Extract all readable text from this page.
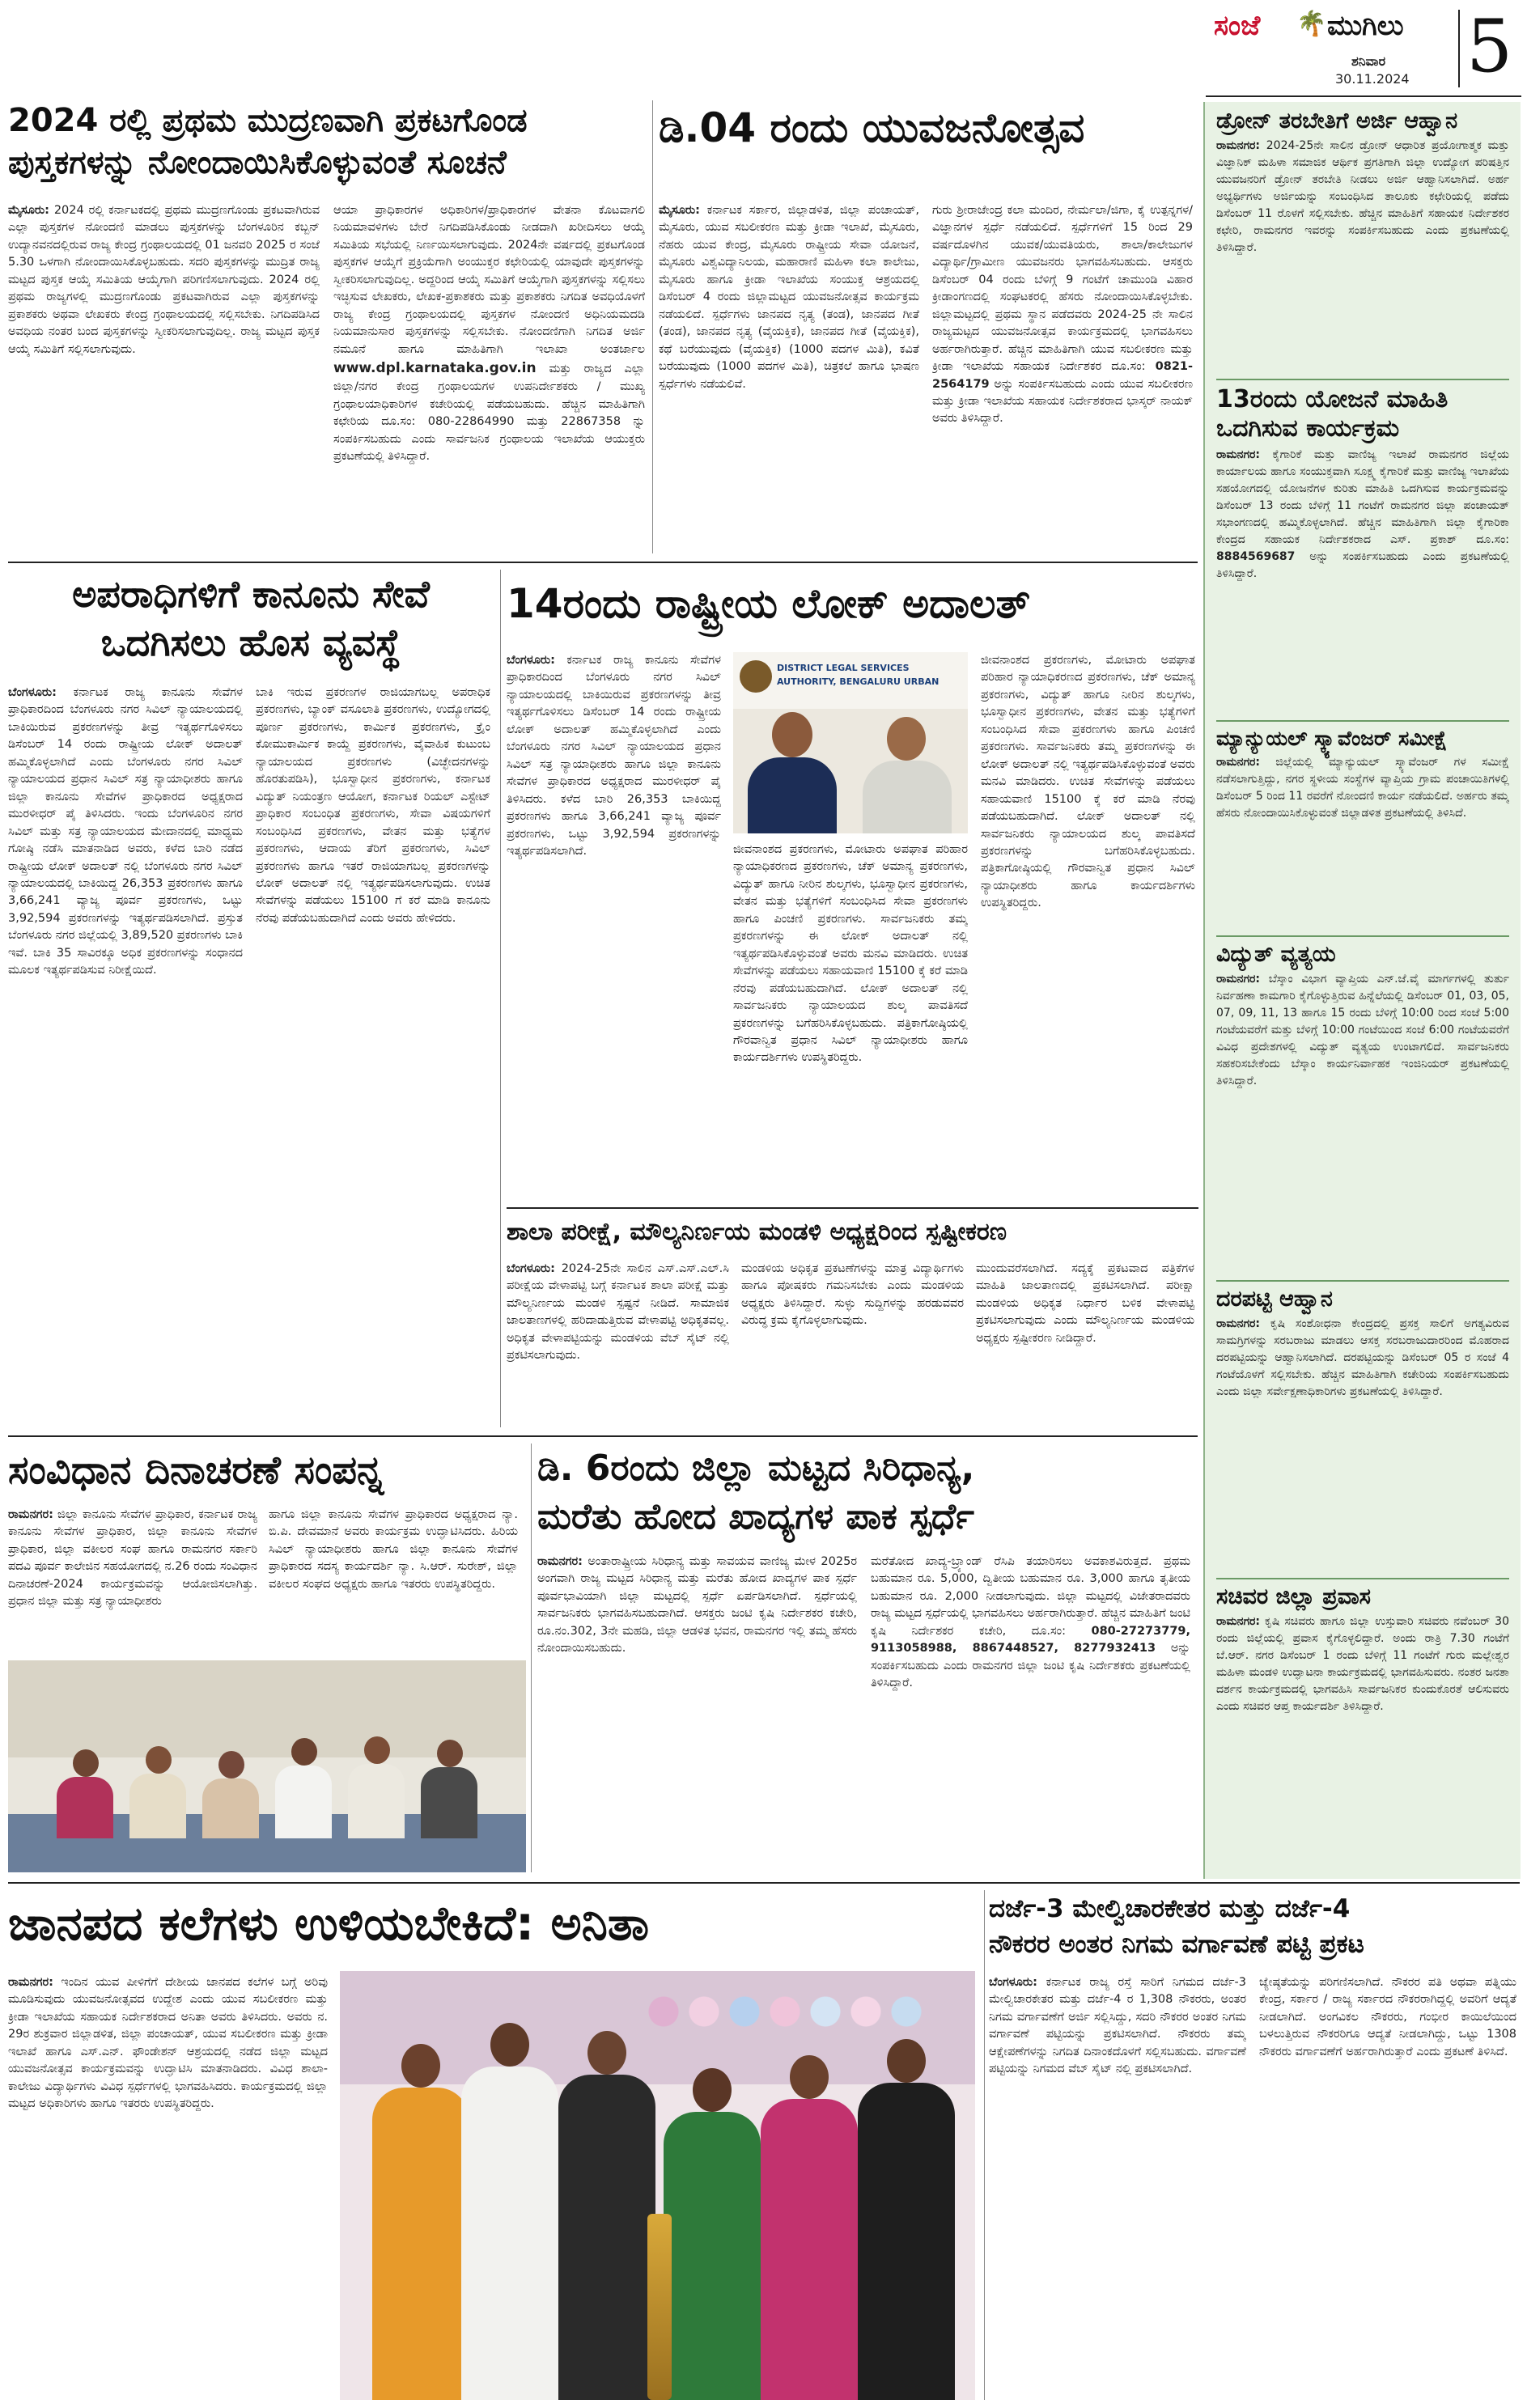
ಸಂಜೆ 🌴 ಮುಗಿಲು
ಶನಿವಾರ
30.11.2024 5
2024 ರಲ್ಲಿ ಪ್ರಥಮ ಮುದ್ರಣವಾಗಿ ಪ್ರಕಟಗೊಂಡ
ಪುಸ್ತಕಗಳನ್ನು ನೋಂದಾಯಿಸಿಕೊಳ್ಳುವಂತೆ ಸೂಚನೆ
ಮೈಸೂರು: 2024 ರಲ್ಲಿ ಕರ್ನಾಟಕದಲ್ಲಿ ಪ್ರಥಮ ಮುದ್ರಣಗೊಂಡು ಪ್ರಕಟವಾಗಿರುವ ಎಲ್ಲಾ ಪುಸ್ತಕಗಳ ನೋಂದಣಿ ಮಾಡಲು ಪುಸ್ತಕಗಳನ್ನು ಬೆಂಗಳೂರಿನ ಕಬ್ಬನ್ ಉದ್ಯಾನವನದಲ್ಲಿರುವ ರಾಜ್ಯ ಕೇಂದ್ರ ಗ್ರಂಥಾಲಯದಲ್ಲಿ 01 ಜನವರಿ 2025 ರ ಸಂಜೆ 5.30 ಒಳಗಾಗಿ ನೋಂದಾಯಿಸಿಕೊಳ್ಳಬಹುದು. ಸದರಿ ಪುಸ್ತಕಗಳನ್ನು ಮುದ್ರಿತ ರಾಜ್ಯ ಮಟ್ಟದ ಪುಸ್ತಕ ಆಯ್ಕೆ ಸಮಿತಿಯ ಆಯ್ಕೆಗಾಗಿ ಪರಿಗಣಿಸಲಾಗುವುದು. 2024 ರಲ್ಲಿ ಪ್ರಥಮ ರಾಜ್ಯಗಳಲ್ಲಿ ಮುದ್ರಣಗೊಂಡು ಪ್ರಕಟವಾಗಿರುವ ಎಲ್ಲಾ ಪುಸ್ತಕಗಳನ್ನು ಪ್ರಕಾಶಕರು ಅಥವಾ ಲೇಖಕರು ಕೇಂದ್ರ ಗ್ರಂಥಾಲಯದಲ್ಲಿ ಸಲ್ಲಿಸಬೇಕು. ನಿಗದಿಪಡಿಸಿದ ಅವಧಿಯ ನಂತರ ಬಂದ ಪುಸ್ತಕಗಳನ್ನು ಸ್ವೀಕರಿಸಲಾಗುವುದಿಲ್ಲ. ರಾಜ್ಯ ಮಟ್ಟದ ಪುಸ್ತಕ ಆಯ್ಕೆ ಸಮಿತಿಗೆ ಸಲ್ಲಿಸಲಾಗುವುದು.
ಆಯಾ ಪ್ರಾಧಿಕಾರಗಳ ಅಧಿಕಾರಿಗಳ/ಪ್ರಾಧಿಕಾರಗಳ ವೇತನಾ ಕೊಟವಾಗಲಿ ನಿಯಮಾವಳಿಗಳು ಬೇರೆ ನಿಗದಿಪಡಿಸಿಕೊಂಡು ನೀಡದಾಗಿ ಖರೀದಿಸಲು ಆಯ್ಕೆ ಸಮಿತಿಯ ಸಭೆಯಲ್ಲಿ ನಿರ್ಣಯಿಸಲಾಗುವುದು. 2024ನೇ ವರ್ಷದಲ್ಲಿ ಪ್ರಕಟಗೊಂಡ ಪುಸ್ತಕಗಳ ಆಯ್ಕೆಗೆ ಪ್ರಕ್ರಿಯೆಗಾಗಿ ಅಂಯುಕ್ತರ ಕಛೇರಿಯಲ್ಲಿ ಯಾವುದೇ ಪುಸ್ತಕಗಳನ್ನು ಸ್ವೀಕರಿಸಲಾಗುವುದಿಲ್ಲ. ಅದ್ದರಿಂದ ಆಯ್ಕೆ ಸಮಿತಿಗೆ ಆಯ್ಕೆಗಾಗಿ ಪುಸ್ತಕಗಳನ್ನು ಸಲ್ಲಿಸಲು ಇಚ್ಛಿಸುವ ಲೇಖಕರು, ಲೇಖಕ-ಪ್ರಕಾಶಕರು ಮತ್ತು ಪ್ರಕಾಶಕರು ನಿಗದಿತ ಅವಧಿಯೊಳಗೆ ರಾಜ್ಯ ಕೇಂದ್ರ ಗ್ರಂಥಾಲಯದಲ್ಲಿ ಪುಸ್ತಕಗಳ ನೋಂದಣಿ ಅಧಿನಿಯಮದಡಿ ನಿಯಮಾನುಸಾರ ಪುಸ್ತಕಗಳನ್ನು ಸಲ್ಲಿಸಬೇಕು. ನೋಂದಣಿಗಾಗಿ ನಿಗದಿತ ಅರ್ಜಿ ನಮೂನೆ ಹಾಗೂ ಮಾಹಿತಿಗಾಗಿ ಇಲಾಖಾ ಅಂತರ್ಜಾಲ www.dpl.karnataka.gov.in ಮತ್ತು ರಾಜ್ಯದ ಎಲ್ಲಾ ಜಿಲ್ಲಾ/ನಗರ ಕೇಂದ್ರ ಗ್ರಂಥಾಲಯಗಳ ಉಪನಿರ್ದೇಶಕರು / ಮುಖ್ಯ ಗ್ರಂಥಾಲಯಾಧಿಕಾರಿಗಳ ಕಚೇರಿಯಲ್ಲಿ ಪಡೆಯಬಹುದು. ಹೆಚ್ಚಿನ ಮಾಹಿತಿಗಾಗಿ ಕಛೇರಿಯ ದೂ.ಸಂ: 080-22864990 ಮತ್ತು 22867358 ನ್ನು ಸಂಪರ್ಕಿಸಬಹುದು ಎಂದು ಸಾರ್ವಜನಿಕ ಗ್ರಂಥಾಲಯ ಇಲಾಖೆಯ ಆಯುಕ್ತರು ಪ್ರಕಟಣೆಯಲ್ಲಿ ತಿಳಿಸಿದ್ದಾರೆ.
ಡಿ.04 ರಂದು ಯುವಜನೋತ್ಸವ
ಮೈಸೂರು: ಕರ್ನಾಟಕ ಸರ್ಕಾರ, ಜಿಲ್ಲಾಡಳಿತ, ಜಿಲ್ಲಾ ಪಂಚಾಯತ್, ಮೈಸೂರು, ಯುವ ಸಬಲೀಕರಣ ಮತ್ತು ಕ್ರೀಡಾ ಇಲಾಖೆ, ಮೈಸೂರು, ನೆಹರು ಯುವ ಕೇಂದ್ರ, ಮೈಸೂರು ರಾಷ್ಟ್ರೀಯ ಸೇವಾ ಯೋಜನೆ, ಮೈಸೂರು ವಿಶ್ವವಿದ್ಯಾನಿಲಯ, ಮಹಾರಾಣಿ ಮಹಿಳಾ ಕಲಾ ಕಾಲೇಜು, ಮೈಸೂರು ಹಾಗೂ ಕ್ರೀಡಾ ಇಲಾಖೆಯ ಸಂಯುಕ್ತ ಆಶ್ರಯದಲ್ಲಿ ಡಿಸೆಂಬರ್ 4 ರಂದು ಜಿಲ್ಲಾಮಟ್ಟದ ಯುವಜನೋತ್ಸವ ಕಾರ್ಯಕ್ರಮ ನಡೆಯಲಿದೆ. ಸ್ಪರ್ಧೆಗಳು ಜಾನಪದ ನೃತ್ಯ (ತಂಡ), ಜಾನಪದ ಗೀತೆ (ತಂಡ), ಜಾನಪದ ನೃತ್ಯ (ವೈಯಕ್ತಿಕ), ಜಾನಪದ ಗೀತೆ (ವೈಯಕ್ತಿಕ), ಕಥೆ ಬರೆಯುವುದು (ವೈಯಕ್ತಿಕ) (1000 ಪದಗಳ ಮಿತಿ), ಕವಿತೆ ಬರೆಯುವುದು (1000 ಪದಗಳ ಮಿತಿ), ಚಿತ್ರಕಲೆ ಹಾಗೂ ಭಾಷಣ ಸ್ಪರ್ಧೆಗಳು ನಡೆಯಲಿವೆ.
ಗುರು ಶ್ರೀರಾಜೇಂದ್ರ ಕಲಾ ಮಂದಿರ, ನೇರ್ಮಲಾ/ಜಿಗಾ, ಕೈ ಉತ್ಪನ್ನಗಳ/ವಿಜ್ಞಾನಗಳ ಸ್ಪರ್ಧೆ ನಡೆಯಲಿದೆ. ಸ್ಪರ್ಧೆಗಳಿಗೆ 15 ರಿಂದ 29 ವರ್ಷದೊಳಗಿನ ಯುವಕ/ಯುವತಿಯರು, ಶಾಲಾ/ಕಾಲೇಜುಗಳ ವಿದ್ಯಾರ್ಥಿ/ಗ್ರಾಮೀಣ ಯುವಜನರು ಭಾಗವಹಿಸಬಹುದು. ಆಸಕ್ತರು ಡಿಸೆಂಬರ್ 04 ರಂದು ಬೆಳಿಗ್ಗೆ 9 ಗಂಟೆಗೆ ಚಾಮುಂಡಿ ವಿಹಾರ ಕ್ರೀಡಾಂಗಣದಲ್ಲಿ ಸಂಘಟಕರಲ್ಲಿ ಹೆಸರು ನೋಂದಾಯಿಸಿಕೊಳ್ಳಬೇಕು. ಜಿಲ್ಲಾಮಟ್ಟದಲ್ಲಿ ಪ್ರಥಮ ಸ್ಥಾನ ಪಡೆದವರು 2024-25 ನೇ ಸಾಲಿನ ರಾಜ್ಯಮಟ್ಟದ ಯುವಜನೋತ್ಸವ ಕಾರ್ಯಕ್ರಮದಲ್ಲಿ ಭಾಗವಹಿಸಲು ಅರ್ಹರಾಗಿರುತ್ತಾರೆ. ಹೆಚ್ಚಿನ ಮಾಹಿತಿಗಾಗಿ ಯುವ ಸಬಲೀಕರಣ ಮತ್ತು ಕ್ರೀಡಾ ಇಲಾಖೆಯ ಸಹಾಯಕ ನಿರ್ದೇಶಕರ ದೂ.ಸಂ: 0821-2564179 ಅನ್ನು ಸಂಪರ್ಕಿಸಬಹುದು ಎಂದು ಯುವ ಸಬಲೀಕರಣ ಮತ್ತು ಕ್ರೀಡಾ ಇಲಾಖೆಯ ಸಹಾಯಕ ನಿರ್ದೇಶಕರಾದ ಭಾಸ್ಕರ್ ನಾಯಕ್ ಅವರು ತಿಳಿಸಿದ್ದಾರೆ.
ಅಪರಾಧಿಗಳಿಗೆ ಕಾನೂನು ಸೇವೆ
ಒದಗಿಸಲು ಹೊಸ ವ್ಯವಸ್ಥೆ
ಬೆಂಗಳೂರು: ಕರ್ನಾಟಕ ರಾಜ್ಯ ಕಾನೂನು ಸೇವೆಗಳ ಪ್ರಾಧಿಕಾರದಿಂದ ಬೆಂಗಳೂರು ನಗರ ಸಿವಿಲ್ ನ್ಯಾಯಾಲಯದಲ್ಲಿ ಬಾಕಿಯಿರುವ ಪ್ರಕರಣಗಳನ್ನು ತೀವ್ರ ಇತ್ಯರ್ಥಗೊಳಿಸಲು ಡಿಸೆಂಬರ್ 14 ರಂದು ರಾಷ್ಟ್ರೀಯ ಲೋಕ್ ಅದಾಲತ್ ಹಮ್ಮಿಕೊಳ್ಳಲಾಗಿದೆ ಎಂದು ಬೆಂಗಳೂರು ನಗರ ಸಿವಿಲ್ ನ್ಯಾಯಾಲಯದ ಪ್ರಧಾನ ಸಿವಿಲ್ ಸತ್ರ ನ್ಯಾಯಾಧೀಶರು ಹಾಗೂ ಜಿಲ್ಲಾ ಕಾನೂನು ಸೇವೆಗಳ ಪ್ರಾಧಿಕಾರದ ಅಧ್ಯಕ್ಷರಾದ ಮುರಳೀಧರ್ ಪೈ ತಿಳಿಸಿದರು. ಇಂದು ಬೆಂಗಳೂರಿನ ನಗರ ಸಿವಿಲ್ ಮತ್ತು ಸತ್ರ ನ್ಯಾಯಾಲಯದ ಮೇದಾನದಲ್ಲಿ ಮಾಧ್ಯಮ ಗೋಷ್ಠಿ ನಡೆಸಿ ಮಾತನಾಡಿದ ಅವರು, ಕಳೆದ ಬಾರಿ ನಡೆದ ರಾಷ್ಟ್ರೀಯ ಲೋಕ್ ಅದಾಲತ್ ನಲ್ಲಿ ಬೆಂಗಳೂರು ನಗರ ಸಿವಿಲ್ ನ್ಯಾಯಾಲಯದಲ್ಲಿ ಬಾಕಿಯಿದ್ದ 26,353 ಪ್ರಕರಣಗಳು ಹಾಗೂ 3,66,241 ವ್ಯಾಜ್ಯ ಪೂರ್ವ ಪ್ರಕರಣಗಳು, ಒಟ್ಟು 3,92,594 ಪ್ರಕರಣಗಳನ್ನು ಇತ್ಯರ್ಥಪಡಿಸಲಾಗಿದೆ. ಪ್ರಸ್ತುತ ಬೆಂಗಳೂರು ನಗರ ಜಿಲ್ಲೆಯಲ್ಲಿ 3,89,520 ಪ್ರಕರಣಗಳು ಬಾಕಿ ಇವೆ. ಬಾಕಿ 35 ಸಾವಿರಕ್ಕೂ ಅಧಿಕ ಪ್ರಕರಣಗಳನ್ನು ಸಂಧಾನದ ಮೂಲಕ ಇತ್ಯರ್ಥಪಡಿಸುವ ನಿರೀಕ್ಷೆಯಿದೆ.
ಬಾಕಿ ಇರುವ ಪ್ರಕರಣಗಳ ರಾಜಿಯಾಗಬಲ್ಲ ಅಪರಾಧಿಕ ಪ್ರಕರಣಗಳು, ಬ್ಯಾಂಕ್ ವಸೂಲಾತಿ ಪ್ರಕರಣಗಳು, ಉದ್ಯೋಗದಲ್ಲಿ ಪೂರ್ಣ ಪ್ರಕರಣಗಳು, ಕಾರ್ಮಿಕ ಪ್ರಕರಣಗಳು, ಕ್ರೈಂ ಕೋಮುಕಾರ್ಮಿಕ ಕಾಯ್ದೆ ಪ್ರಕರಣಗಳು, ವೈವಾಹಿಕ ಕುಟುಂಬ ನ್ಯಾಯಾಲಯದ ಪ್ರಕರಣಗಳು (ವಿಚ್ಛೇದನಗಳನ್ನು ಹೊರತುಪಡಿಸಿ), ಭೂಸ್ವಾಧೀನ ಪ್ರಕರಣಗಳು, ಕರ್ನಾಟಕ ವಿದ್ಯುತ್ ನಿಯಂತ್ರಣ ಆಯೋಗ, ಕರ್ನಾಟಕ ರಿಯಲ್ ಎಸ್ಟೇಟ್ ಪ್ರಾಧಿಕಾರ ಸಂಬಂಧಿತ ಪ್ರಕರಣಗಳು, ಸೇವಾ ವಿಷಯಗಳಿಗೆ ಸಂಬಂಧಿಸಿದ ಪ್ರಕರಣಗಳು, ವೇತನ ಮತ್ತು ಭತ್ಯೆಗಳ ಪ್ರಕರಣಗಳು, ಆದಾಯ ತೆರಿಗೆ ಪ್ರಕರಣಗಳು, ಸಿವಿಲ್ ಪ್ರಕರಣಗಳು ಹಾಗೂ ಇತರೆ ರಾಜಿಯಾಗಬಲ್ಲ ಪ್ರಕರಣಗಳನ್ನು ಲೋಕ್ ಅದಾಲತ್ ನಲ್ಲಿ ಇತ್ಯರ್ಥಪಡಿಸಲಾಗುವುದು. ಉಚಿತ ಸೇವೆಗಳನ್ನು ಪಡೆಯಲು 15100 ಗೆ ಕರೆ ಮಾಡಿ ಕಾನೂನು ನೆರವು ಪಡೆಯಬಹುದಾಗಿದೆ ಎಂದು ಅವರು ಹೇಳಿದರು.
14ರಂದು ರಾಷ್ಟ್ರೀಯ ಲೋಕ್ ಅದಾಲತ್
ಬೆಂಗಳೂರು: ಕರ್ನಾಟಕ ರಾಜ್ಯ ಕಾನೂನು ಸೇವೆಗಳ ಪ್ರಾಧಿಕಾರದಿಂದ ಬೆಂಗಳೂರು ನಗರ ಸಿವಿಲ್ ನ್ಯಾಯಾಲಯದಲ್ಲಿ ಬಾಕಿಯಿರುವ ಪ್ರಕರಣಗಳನ್ನು ತೀವ್ರ ಇತ್ಯರ್ಥಗೊಳಿಸಲು ಡಿಸೆಂಬರ್ 14 ರಂದು ರಾಷ್ಟ್ರೀಯ ಲೋಕ್ ಅದಾಲತ್ ಹಮ್ಮಿಕೊಳ್ಳಲಾಗಿದೆ ಎಂದು ಬೆಂಗಳೂರು ನಗರ ಸಿವಿಲ್ ನ್ಯಾಯಾಲಯದ ಪ್ರಧಾನ ಸಿವಿಲ್ ಸತ್ರ ನ್ಯಾಯಾಧೀಶರು ಹಾಗೂ ಜಿಲ್ಲಾ ಕಾನೂನು ಸೇವೆಗಳ ಪ್ರಾಧಿಕಾರದ ಅಧ್ಯಕ್ಷರಾದ ಮುರಳೀಧರ್ ಪೈ ತಿಳಿಸಿದರು. ಕಳೆದ ಬಾರಿ 26,353 ಬಾಕಿಯಿದ್ದ ಪ್ರಕರಣಗಳು ಹಾಗೂ 3,66,241 ವ್ಯಾಜ್ಯ ಪೂರ್ವ ಪ್ರಕರಣಗಳು, ಒಟ್ಟು 3,92,594 ಪ್ರಕರಣಗಳನ್ನು ಇತ್ಯರ್ಥಪಡಿಸಲಾಗಿದೆ.
DISTRICT LEGAL SERVICES AUTHORITY, BENGALURU URBAN
ಜೀವನಾಂಶದ ಪ್ರಕರಣಗಳು, ಮೋಟಾರು ಅಪಘಾತ ಪರಿಹಾರ ನ್ಯಾಯಾಧಿಕರಣದ ಪ್ರಕರಣಗಳು, ಚೆಕ್ ಅಮಾನ್ಯ ಪ್ರಕರಣಗಳು, ವಿದ್ಯುತ್ ಹಾಗೂ ನೀರಿನ ಶುಲ್ಕಗಳು, ಭೂಸ್ವಾಧೀನ ಪ್ರಕರಣಗಳು, ವೇತನ ಮತ್ತು ಭತ್ಯೆಗಳಿಗೆ ಸಂಬಂಧಿಸಿದ ಸೇವಾ ಪ್ರಕರಣಗಳು ಹಾಗೂ ಪಿಂಚಣಿ ಪ್ರಕರಣಗಳು. ಸಾರ್ವಜನಿಕರು ತಮ್ಮ ಪ್ರಕರಣಗಳನ್ನು ಈ ಲೋಕ್ ಅದಾಲತ್ ನಲ್ಲಿ ಇತ್ಯರ್ಥಪಡಿಸಿಕೊಳ್ಳುವಂತೆ ಅವರು ಮನವಿ ಮಾಡಿದರು. ಉಚಿತ ಸೇವೆಗಳನ್ನು ಪಡೆಯಲು ಸಹಾಯವಾಣಿ 15100 ಕ್ಕೆ ಕರೆ ಮಾಡಿ ನೆರವು ಪಡೆಯಬಹುದಾಗಿದೆ. ಲೋಕ್ ಅದಾಲತ್ ನಲ್ಲಿ ಸಾರ್ವಜನಿಕರು ನ್ಯಾಯಾಲಯದ ಶುಲ್ಕ ಪಾವತಿಸದೆ ಪ್ರಕರಣಗಳನ್ನು ಬಗೆಹರಿಸಿಕೊಳ್ಳಬಹುದು. ಪತ್ರಿಕಾಗೋಷ್ಠಿಯಲ್ಲಿ ಗೌರವಾನ್ವಿತ ಪ್ರಧಾನ ಸಿವಿಲ್ ನ್ಯಾಯಾಧೀಶರು ಹಾಗೂ ಕಾರ್ಯದರ್ಶಿಗಳು ಉಪಸ್ಥಿತರಿದ್ದರು.
ಜೀವನಾಂಶದ ಪ್ರಕರಣಗಳು, ಮೋಟಾರು ಅಪಘಾತ ಪರಿಹಾರ ನ್ಯಾಯಾಧಿಕರಣದ ಪ್ರಕರಣಗಳು, ಚೆಕ್ ಅಮಾನ್ಯ ಪ್ರಕರಣಗಳು, ವಿದ್ಯುತ್ ಹಾಗೂ ನೀರಿನ ಶುಲ್ಕಗಳು, ಭೂಸ್ವಾಧೀನ ಪ್ರಕರಣಗಳು, ವೇತನ ಮತ್ತು ಭತ್ಯೆಗಳಿಗೆ ಸಂಬಂಧಿಸಿದ ಸೇವಾ ಪ್ರಕರಣಗಳು ಹಾಗೂ ಪಿಂಚಣಿ ಪ್ರಕರಣಗಳು. ಸಾರ್ವಜನಿಕರು ತಮ್ಮ ಪ್ರಕರಣಗಳನ್ನು ಈ ಲೋಕ್ ಅದಾಲತ್ ನಲ್ಲಿ ಇತ್ಯರ್ಥಪಡಿಸಿಕೊಳ್ಳುವಂತೆ ಅವರು ಮನವಿ ಮಾಡಿದರು. ಉಚಿತ ಸೇವೆಗಳನ್ನು ಪಡೆಯಲು ಸಹಾಯವಾಣಿ 15100 ಕ್ಕೆ ಕರೆ ಮಾಡಿ ನೆರವು ಪಡೆಯಬಹುದಾಗಿದೆ. ಲೋಕ್ ಅದಾಲತ್ ನಲ್ಲಿ ಸಾರ್ವಜನಿಕರು ನ್ಯಾಯಾಲಯದ ಶುಲ್ಕ ಪಾವತಿಸದೆ ಪ್ರಕರಣಗಳನ್ನು ಬಗೆಹರಿಸಿಕೊಳ್ಳಬಹುದು. ಪತ್ರಿಕಾಗೋಷ್ಠಿಯಲ್ಲಿ ಗೌರವಾನ್ವಿತ ಪ್ರಧಾನ ಸಿವಿಲ್ ನ್ಯಾಯಾಧೀಶರು ಹಾಗೂ ಕಾರ್ಯದರ್ಶಿಗಳು ಉಪಸ್ಥಿತರಿದ್ದರು.
ಶಾಲಾ ಪರೀಕ್ಷೆ, ಮೌಲ್ಯನಿರ್ಣಯ ಮಂಡಳಿ ಅಧ್ಯಕ್ಷರಿಂದ ಸ್ಪಷ್ಟೀಕರಣ
ಬೆಂಗಳೂರು: 2024-25ನೇ ಸಾಲಿನ ಎಸ್.ಎಸ್.ಎಲ್.ಸಿ ಪರೀಕ್ಷೆಯ ವೇಳಾಪಟ್ಟಿ ಬಗ್ಗೆ ಕರ್ನಾಟಕ ಶಾಲಾ ಪರೀಕ್ಷೆ ಮತ್ತು ಮೌಲ್ಯನಿರ್ಣಯ ಮಂಡಳಿ ಸ್ಪಷ್ಟನೆ ನೀಡಿದೆ. ಸಾಮಾಜಿಕ ಜಾಲತಾಣಗಳಲ್ಲಿ ಹರಿದಾಡುತ್ತಿರುವ ವೇಳಾಪಟ್ಟಿ ಅಧಿಕೃತವಲ್ಲ. ಅಧಿಕೃತ ವೇಳಾಪಟ್ಟಿಯನ್ನು ಮಂಡಳಿಯ ವೆಬ್ ಸೈಟ್ ನಲ್ಲಿ ಪ್ರಕಟಿಸಲಾಗುವುದು.
ಮಂಡಳಿಯ ಅಧಿಕೃತ ಪ್ರಕಟಣೆಗಳನ್ನು ಮಾತ್ರ ವಿದ್ಯಾರ್ಥಿಗಳು ಹಾಗೂ ಪೋಷಕರು ಗಮನಿಸಬೇಕು ಎಂದು ಮಂಡಳಿಯ ಅಧ್ಯಕ್ಷರು ತಿಳಿಸಿದ್ದಾರೆ. ಸುಳ್ಳು ಸುದ್ದಿಗಳನ್ನು ಹರಡುವವರ ವಿರುದ್ಧ ಕ್ರಮ ಕೈಗೊಳ್ಳಲಾಗುವುದು.
ಮುಂದುವರೆಸಲಾಗಿದೆ. ಸದ್ಯಕ್ಕೆ ಪ್ರಕಟವಾದ ಪತ್ರಿಕೆಗಳ ಮಾಹಿತಿ ಜಾಲತಾಣದಲ್ಲಿ ಪ್ರಕಟಿಸಲಾಗಿದೆ. ಪರೀಕ್ಷಾ ಮಂಡಳಿಯ ಅಧಿಕೃತ ನಿರ್ಧಾರ ಬಳಿಕ ವೇಳಾಪಟ್ಟಿ ಪ್ರಕಟಿಸಲಾಗುವುದು ಎಂದು ಮೌಲ್ಯನಿರ್ಣಯ ಮಂಡಳಿಯ ಅಧ್ಯಕ್ಷರು ಸ್ಪಷ್ಟೀಕರಣ ನೀಡಿದ್ದಾರೆ.
ಸಂವಿಧಾನ ದಿನಾಚರಣೆ ಸಂಪನ್ನ
ರಾಮನಗರ: ಜಿಲ್ಲಾ ಕಾನೂನು ಸೇವೆಗಳ ಪ್ರಾಧಿಕಾರ, ಕರ್ನಾಟಕ ರಾಜ್ಯ ಕಾನೂನು ಸೇವೆಗಳ ಪ್ರಾಧಿಕಾರ, ಜಿಲ್ಲಾ ಕಾನೂನು ಸೇವೆಗಳ ಪ್ರಾಧಿಕಾರ, ಜಿಲ್ಲಾ ವಕೀಲರ ಸಂಘ ಹಾಗೂ ರಾಮನಗರ ಸರ್ಕಾರಿ ಪದವಿ ಪೂರ್ವ ಕಾಲೇಜಿನ ಸಹಯೋಗದಲ್ಲಿ ನ.26 ರಂದು ಸಂವಿಧಾನ ದಿನಾಚರಣೆ-2024 ಕಾರ್ಯಕ್ರಮವನ್ನು ಆಯೋಜಿಸಲಾಗಿತ್ತು. ಪ್ರಧಾನ ಜಿಲ್ಲಾ ಮತ್ತು ಸತ್ರ ನ್ಯಾಯಾಧೀಶರು
ಹಾಗೂ ಜಿಲ್ಲಾ ಕಾನೂನು ಸೇವೆಗಳ ಪ್ರಾಧಿಕಾರದ ಅಧ್ಯಕ್ಷರಾದ ನ್ಯಾ. ಬಿ.ಪಿ. ದೇವಮಾನೆ ಅವರು ಕಾರ್ಯಕ್ರಮ ಉದ್ಘಾಟಿಸಿದರು. ಹಿರಿಯ ಸಿವಿಲ್ ನ್ಯಾಯಾಧೀಶರು ಹಾಗೂ ಜಿಲ್ಲಾ ಕಾನೂನು ಸೇವೆಗಳ ಪ್ರಾಧಿಕಾರದ ಸದಸ್ಯ ಕಾರ್ಯದರ್ಶಿ ನ್ಯಾ. ಸಿ.ಆರ್. ಸುರೇಶ್, ಜಿಲ್ಲಾ ವಕೀಲರ ಸಂಘದ ಅಧ್ಯಕ್ಷರು ಹಾಗೂ ಇತರರು ಉಪಸ್ಥಿತರಿದ್ದರು.
ಡಿ. 6ರಂದು ಜಿಲ್ಲಾ ಮಟ್ಟದ ಸಿರಿಧಾನ್ಯ,
ಮರೆತು ಹೋದ ಖಾದ್ಯಗಳ ಪಾಕ ಸ್ಪರ್ಧೆ
ರಾಮನಗರ: ಅಂತಾರಾಷ್ಟ್ರೀಯ ಸಿರಿಧಾನ್ಯ ಮತ್ತು ಸಾವಯವ ವಾಣಿಜ್ಯ ಮೇಳ 2025ರ ಅಂಗವಾಗಿ ರಾಜ್ಯ ಮಟ್ಟದ ಸಿರಿಧಾನ್ಯ ಮತ್ತು ಮರೆತು ಹೋದ ಖಾದ್ಯಗಳ ಪಾಕ ಸ್ಪರ್ಧೆ ಪೂರ್ವಭಾವಿಯಾಗಿ ಜಿಲ್ಲಾ ಮಟ್ಟದಲ್ಲಿ ಸ್ಪರ್ಧೆ ಏರ್ಪಡಿಸಲಾಗಿದೆ. ಸ್ಪರ್ಧೆಯಲ್ಲಿ ಸಾರ್ವಜನಿಕರು ಭಾಗವಹಿಸಬಹುದಾಗಿದೆ. ಆಸಕ್ತರು ಜಂಟಿ ಕೃಷಿ ನಿರ್ದೇಶಕರ ಕಚೇರಿ, ರೂ.ನಂ.302, 3ನೇ ಮಹಡಿ, ಜಿಲ್ಲಾ ಆಡಳಿತ ಭವನ, ರಾಮನಗರ ಇಲ್ಲಿ ತಮ್ಮ ಹೆಸರು ನೋಂದಾಯಿಸಬಹುದು.
ಮರೆತೋದ ಖಾದ್ಯ-ಬ್ರ್ಯಾಂಡ್ ರೆಸಿಪಿ ತಯಾರಿಸಲು ಅವಕಾಶವಿರುತ್ತದೆ. ಪ್ರಥಮ ಬಹುಮಾನ ರೂ. 5,000, ದ್ವಿತೀಯ ಬಹುಮಾನ ರೂ. 3,000 ಹಾಗೂ ತೃತೀಯ ಬಹುಮಾನ ರೂ. 2,000 ನೀಡಲಾಗುವುದು. ಜಿಲ್ಲಾ ಮಟ್ಟದಲ್ಲಿ ವಿಜೇತರಾದವರು ರಾಜ್ಯ ಮಟ್ಟದ ಸ್ಪರ್ಧೆಯಲ್ಲಿ ಭಾಗವಹಿಸಲು ಅರ್ಹರಾಗಿರುತ್ತಾರೆ. ಹೆಚ್ಚಿನ ಮಾಹಿತಿಗೆ ಜಂಟಿ ಕೃಷಿ ನಿರ್ದೇಶಕರ ಕಚೇರಿ, ದೂ.ಸಂ: 080-27273779, 9113058988, 8867448527, 8277932413 ಅನ್ನು ಸಂಪರ್ಕಿಸಬಹುದು ಎಂದು ರಾಮನಗರ ಜಿಲ್ಲಾ ಜಂಟಿ ಕೃಷಿ ನಿರ್ದೇಶಕರು ಪ್ರಕಟಣೆಯಲ್ಲಿ ತಿಳಿಸಿದ್ದಾರೆ.
ಡ್ರೋನ್ ತರಬೇತಿಗೆ ಅರ್ಜಿ ಆಹ್ವಾನ
ರಾಮನಗರ: 2024-25ನೇ ಸಾಲಿನ ಡ್ರೋನ್ ಆಧಾರಿತ ಪ್ರಯೋಗಾತ್ಮಕ ಮತ್ತು ವಿಜ್ಞಾನಿಕ್ ಮಹಿಳಾ ಸಮಾಜಿಕ ಆರ್ಥಿಕ ಪ್ರಗತಿಗಾಗಿ ಜಿಲ್ಲಾ ಉದ್ಯೋಗ ಪರಿಷತ್ತಿನ ಯುವಜನರಿಗೆ ಡ್ರೋನ್ ತರಬೇತಿ ನೀಡಲು ಅರ್ಜಿ ಆಹ್ವಾನಿಸಲಾಗಿದೆ. ಅರ್ಹ ಅಭ್ಯರ್ಥಿಗಳು ಅರ್ಜಿಯನ್ನು ಸಂಬಂಧಿಸಿದ ತಾಲೂಕು ಕಛೇರಿಯಲ್ಲಿ ಪಡೆದು ಡಿಸೆಂಬರ್ 11 ರೊಳಗೆ ಸಲ್ಲಿಸಬೇಕು. ಹೆಚ್ಚಿನ ಮಾಹಿತಿಗೆ ಸಹಾಯಕ ನಿರ್ದೇಶಕರ ಕಛೇರಿ, ರಾಮನಗರ ಇವರನ್ನು ಸಂಪರ್ಕಿಸಬಹುದು ಎಂದು ಪ್ರಕಟಣೆಯಲ್ಲಿ ತಿಳಿಸಿದ್ದಾರೆ.
13ರಂದು ಯೋಜನೆ ಮಾಹಿತಿ ಒದಗಿಸುವ ಕಾರ್ಯಕ್ರಮ
ರಾಮನಗರ: ಕೈಗಾರಿಕೆ ಮತ್ತು ವಾಣಿಜ್ಯ ಇಲಾಖೆ ರಾಮನಗರ ಜಿಲ್ಲೆಯ ಕಾರ್ಯಾಲಯ ಹಾಗೂ ಸಂಯುಕ್ತವಾಗಿ ಸೂಕ್ಷ್ಮ ಕೈಗಾರಿಕೆ ಮತ್ತು ವಾಣಿಜ್ಯ ಇಲಾಖೆಯ ಸಹಯೋಗದಲ್ಲಿ ಯೋಜನೆಗಳ ಕುರಿತು ಮಾಹಿತಿ ಒದಗಿಸುವ ಕಾರ್ಯಕ್ರಮವನ್ನು ಡಿಸೆಂಬರ್ 13 ರಂದು ಬೆಳಿಗ್ಗೆ 11 ಗಂಟೆಗೆ ರಾಮನಗರ ಜಿಲ್ಲಾ ಪಂಚಾಯತ್ ಸಭಾಂಗಣದಲ್ಲಿ ಹಮ್ಮಿಕೊಳ್ಳಲಾಗಿದೆ. ಹೆಚ್ಚಿನ ಮಾಹಿತಿಗಾಗಿ ಜಿಲ್ಲಾ ಕೈಗಾರಿಕಾ ಕೇಂದ್ರದ ಸಹಾಯಕ ನಿರ್ದೇಶಕರಾದ ಎಸ್. ಪ್ರಕಾಶ್ ದೂ.ಸಂ: 8884569687 ಅನ್ನು ಸಂಪರ್ಕಿಸಬಹುದು ಎಂದು ಪ್ರಕಟಣೆಯಲ್ಲಿ ತಿಳಿಸಿದ್ದಾರೆ.
ಮ್ಯಾನ್ಯುಯಲ್ ಸ್ಕ್ಯಾವೆಂಜರ್ ಸಮೀಕ್ಷೆ
ರಾಮನಗರ: ಜಿಲ್ಲೆಯಲ್ಲಿ ಮ್ಯಾನ್ಯುಯಲ್ ಸ್ಕ್ಯಾವೆಂಜರ್ ಗಳ ಸಮೀಕ್ಷೆ ನಡೆಸಲಾಗುತ್ತಿದ್ದು, ನಗರ ಸ್ಥಳೀಯ ಸಂಸ್ಥೆಗಳ ವ್ಯಾಪ್ತಿಯ ಗ್ರಾಮ ಪಂಚಾಯಿತಿಗಳಲ್ಲಿ ಡಿಸೆಂಬರ್ 5 ರಿಂದ 11 ರವರೆಗೆ ನೋಂದಣಿ ಕಾರ್ಯ ನಡೆಯಲಿದೆ. ಅರ್ಹರು ತಮ್ಮ ಹೆಸರು ನೋಂದಾಯಿಸಿಕೊಳ್ಳುವಂತೆ ಜಿಲ್ಲಾಡಳಿತ ಪ್ರಕಟಣೆಯಲ್ಲಿ ತಿಳಿಸಿದೆ.
ವಿದ್ಯುತ್ ವ್ಯತ್ಯಯ
ರಾಮನಗರ: ಬೆಸ್ಕಾಂ ವಿಭಾಗ ವ್ಯಾಪ್ತಿಯ ಎನ್.ಜೆ.ವೈ ಮಾರ್ಗಗಳಲ್ಲಿ ತುರ್ತು ನಿರ್ವಹಣಾ ಕಾಮಗಾರಿ ಕೈಗೊಳ್ಳುತ್ತಿರುವ ಹಿನ್ನೆಲೆಯಲ್ಲಿ ಡಿಸೆಂಬರ್ 01, 03, 05, 07, 09, 11, 13 ಹಾಗೂ 15 ರಂದು ಬೆಳಿಗ್ಗೆ 10:00 ರಿಂದ ಸಂಜೆ 5:00 ಗಂಟೆಯವರೆಗೆ ಮತ್ತು ಬೆಳಿಗ್ಗೆ 10:00 ಗಂಟೆಯಿಂದ ಸಂಜೆ 6:00 ಗಂಟೆಯವರೆಗೆ ವಿವಿಧ ಪ್ರದೇಶಗಳಲ್ಲಿ ವಿದ್ಯುತ್ ವ್ಯತ್ಯಯ ಉಂಟಾಗಲಿದೆ. ಸಾರ್ವಜನಿಕರು ಸಹಕರಿಸಬೇಕೆಂದು ಬೆಸ್ಕಾಂ ಕಾರ್ಯನಿರ್ವಾಹಕ ಇಂಜಿನಿಯರ್ ಪ್ರಕಟಣೆಯಲ್ಲಿ ತಿಳಿಸಿದ್ದಾರೆ.
ದರಪಟ್ಟಿ ಆಹ್ವಾನ
ರಾಮನಗರ: ಕೃಷಿ ಸಂಶೋಧನಾ ಕೇಂದ್ರದಲ್ಲಿ ಪ್ರಸಕ್ತ ಸಾಲಿಗೆ ಅಗತ್ಯವಿರುವ ಸಾಮಗ್ರಿಗಳನ್ನು ಸರಬರಾಜು ಮಾಡಲು ಆಸಕ್ತ ಸರಬರಾಜುದಾರರಿಂದ ಮೊಹರಾದ ದರಪಟ್ಟಿಯನ್ನು ಆಹ್ವಾನಿಸಲಾಗಿದೆ. ದರಪಟ್ಟಿಯನ್ನು ಡಿಸೆಂಬರ್ 05 ರ ಸಂಜೆ 4 ಗಂಟೆಯೊಳಗೆ ಸಲ್ಲಿಸಬೇಕು. ಹೆಚ್ಚಿನ ಮಾಹಿತಿಗಾಗಿ ಕಚೇರಿಯ ಸಂಪರ್ಕಿಸಬಹುದು ಎಂದು ಜಿಲ್ಲಾ ಸರ್ವೇಕ್ಷಣಾಧಿಕಾರಿಗಳು ಪ್ರಕಟಣೆಯಲ್ಲಿ ತಿಳಿಸಿದ್ದಾರೆ.
ಸಚಿವರ ಜಿಲ್ಲಾ ಪ್ರವಾಸ
ರಾಮನಗರ: ಕೃಷಿ ಸಚಿವರು ಹಾಗೂ ಜಿಲ್ಲಾ ಉಸ್ತುವಾರಿ ಸಚಿವರು ನವೆಂಬರ್ 30 ರಂದು ಜಿಲ್ಲೆಯಲ್ಲಿ ಪ್ರವಾಸ ಕೈಗೊಳ್ಳಲಿದ್ದಾರೆ. ಅಂದು ರಾತ್ರಿ 7.30 ಗಂಟೆಗೆ ಬೆ.ಆರ್. ನಗರ ಡಿಸೆಂಬರ್ 1 ರಂದು ಬೆಳಿಗ್ಗೆ 11 ಗಂಟೆಗೆ ಗುರು ಮಲ್ಲೇಶ್ವರ ಮಹಿಳಾ ಮಂಡಳಿ ಉದ್ಘಾಟನಾ ಕಾರ್ಯಕ್ರಮದಲ್ಲಿ ಭಾಗವಹಿಸುವರು. ನಂತರ ಜನತಾ ದರ್ಶನ ಕಾರ್ಯಕ್ರಮದಲ್ಲಿ ಭಾಗವಹಿಸಿ ಸಾರ್ವಜನಿಕರ ಕುಂದುಕೊರತೆ ಆಲಿಸುವರು ಎಂದು ಸಚಿವರ ಆಪ್ತ ಕಾರ್ಯದರ್ಶಿ ತಿಳಿಸಿದ್ದಾರೆ.
ಜಾನಪದ ಕಲೆಗಳು ಉಳಿಯಬೇಕಿದೆ: ಅನಿತಾ
ರಾಮನಗರ: ಇಂದಿನ ಯುವ ಪೀಳಿಗೆಗೆ ದೇಶೀಯ ಜಾನಪದ ಕಲೆಗಳ ಬಗ್ಗೆ ಅರಿವು ಮೂಡಿಸುವುದು ಯುವಜನೋತ್ಸವದ ಉದ್ದೇಶ ಎಂದು ಯುವ ಸಬಲೀಕರಣ ಮತ್ತು ಕ್ರೀಡಾ ಇಲಾಖೆಯ ಸಹಾಯಕ ನಿರ್ದೇಶಕರಾದ ಅನಿತಾ ಅವರು ತಿಳಿಸಿದರು. ಅವರು ನ. 29ರ ಶುಕ್ರವಾರ ಜಿಲ್ಲಾಡಳಿತ, ಜಿಲ್ಲಾ ಪಂಚಾಯತ್, ಯುವ ಸಬಲೀಕರಣ ಮತ್ತು ಕ್ರೀಡಾ ಇಲಾಖೆ ಹಾಗೂ ಎಸ್.ಎನ್. ಫೌಂಡೇಶನ್ ಆಶ್ರಯದಲ್ಲಿ ನಡೆದ ಜಿಲ್ಲಾ ಮಟ್ಟದ ಯುವಜನೋತ್ಸವ ಕಾರ್ಯಕ್ರಮವನ್ನು ಉದ್ಘಾಟಿಸಿ ಮಾತನಾಡಿದರು. ವಿವಿಧ ಶಾಲಾ-ಕಾಲೇಜು ವಿದ್ಯಾರ್ಥಿಗಳು ವಿವಿಧ ಸ್ಪರ್ಧೆಗಳಲ್ಲಿ ಭಾಗವಹಿಸಿದರು. ಕಾರ್ಯಕ್ರಮದಲ್ಲಿ ಜಿಲ್ಲಾ ಮಟ್ಟದ ಅಧಿಕಾರಿಗಳು ಹಾಗೂ ಇತರರು ಉಪಸ್ಥಿತರಿದ್ದರು.
ದರ್ಜೆ-3 ಮೇಲ್ವಿಚಾರಕೇತರ ಮತ್ತು ದರ್ಜೆ-4
ನೌಕರರ ಅಂತರ ನಿಗಮ ವರ್ಗಾವಣೆ ಪಟ್ಟಿ ಪ್ರಕಟ
ಬೆಂಗಳೂರು: ಕರ್ನಾಟಕ ರಾಜ್ಯ ರಸ್ತೆ ಸಾರಿಗೆ ನಿಗಮದ ದರ್ಜೆ-3 ಮೇಲ್ವಿಚಾರಕೇತರ ಮತ್ತು ದರ್ಜೆ-4 ರ 1,308 ನೌಕರರು, ಅಂತರ ನಿಗಮ ವರ್ಗಾವಣೆಗೆ ಅರ್ಜಿ ಸಲ್ಲಿಸಿದ್ದು, ಸದರಿ ನೌಕರರ ಅಂತರ ನಿಗಮ ವರ್ಗಾವಣೆ ಪಟ್ಟಿಯನ್ನು ಪ್ರಕಟಿಸಲಾಗಿದೆ. ನೌಕರರು ತಮ್ಮ ಆಕ್ಷೇಪಣೆಗಳನ್ನು ನಿಗದಿತ ದಿನಾಂಕದೊಳಗೆ ಸಲ್ಲಿಸಬಹುದು. ವರ್ಗಾವಣೆ ಪಟ್ಟಿಯನ್ನು ನಿಗಮದ ವೆಬ್ ಸೈಟ್ ನಲ್ಲಿ ಪ್ರಕಟಿಸಲಾಗಿದೆ.
ಜ್ಯೇಷ್ಠತೆಯನ್ನು ಪರಿಗಣಿಸಲಾಗಿದೆ. ನೌಕರರ ಪತಿ ಅಥವಾ ಪತ್ನಿಯು ಕೇಂದ್ರ, ಸರ್ಕಾರ / ರಾಜ್ಯ ಸರ್ಕಾರದ ನೌಕರರಾಗಿದ್ದಲ್ಲಿ ಅವರಿಗೆ ಆದ್ಯತೆ ನೀಡಲಾಗಿದೆ. ಅಂಗವಿಕಲ ನೌಕರರು, ಗಂಭೀರ ಕಾಯಿಲೆಯಿಂದ ಬಳಲುತ್ತಿರುವ ನೌಕರರಿಗೂ ಆದ್ಯತೆ ನೀಡಲಾಗಿದ್ದು, ಒಟ್ಟು 1308 ನೌಕರರು ವರ್ಗಾವಣೆಗೆ ಅರ್ಹರಾಗಿರುತ್ತಾರೆ ಎಂದು ಪ್ರಕಟಣೆ ತಿಳಿಸಿದೆ.
